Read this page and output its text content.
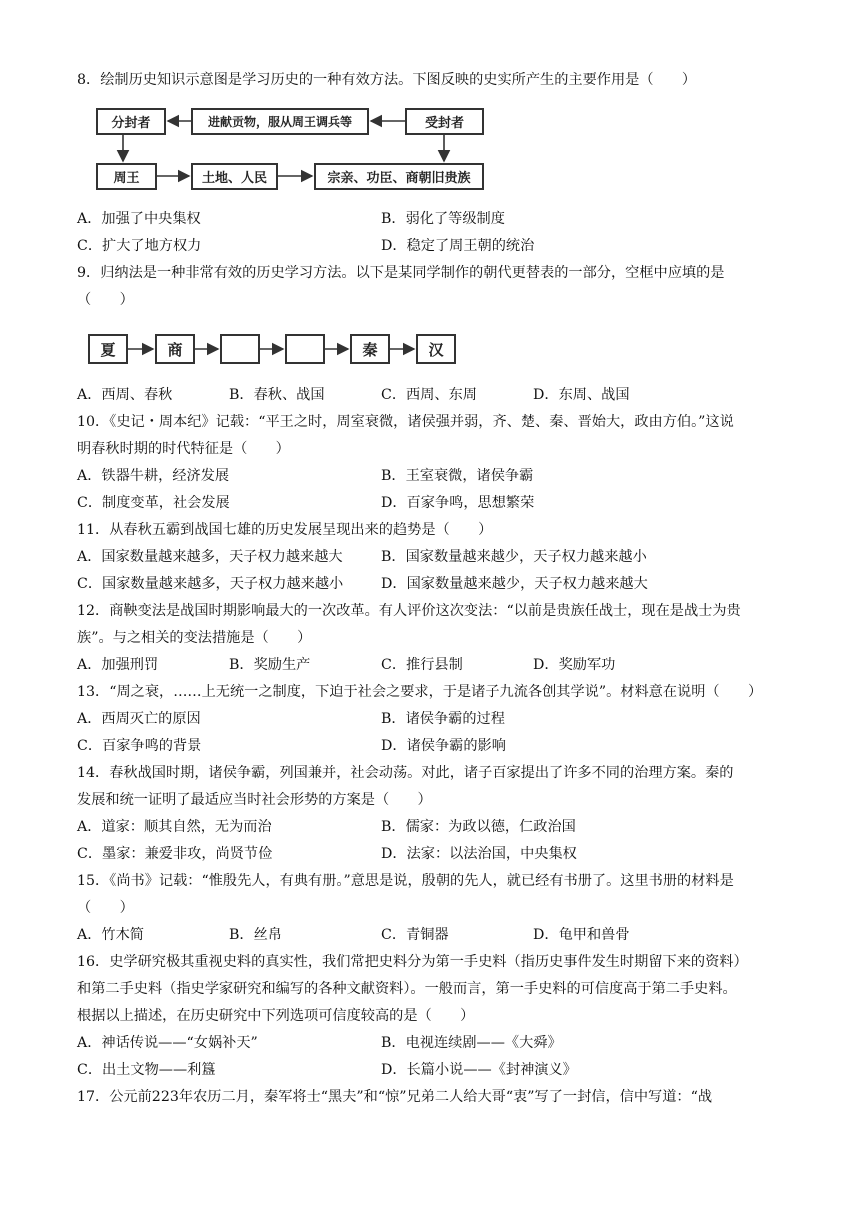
8．绘制历史知识示意图是学习历史的一种有效方法。下图反映的史实所产生的主要作用是（　　）
分封者	进献贡物，服从周王调兵等	受封者
周王	土地、人民	宗亲、功臣、商朝旧贵族
A．加强了中央集权	B．弱化了等级制度
C．扩大了地方权力	D．稳定了周王朝的统治
9．归纳法是一种非常有效的历史学习方法。以下是某同学制作的朝代更替表的一部分，空框中应填的是
（　　）
夏	商	秦	汉
A．西周、春秋	B．春秋、战国	C．西周、东周	D．东周、战国
10．《史记・周本纪》记载：“平王之时，周室衰微，诸侯强并弱，齐、楚、秦、晋始大，政由方伯。”这说
明春秋时期的时代特征是（　　）
A．铁器牛耕，经济发展	B．王室衰微，诸侯争霸
C．制度变革，社会发展	D．百家争鸣，思想繁荣
11．从春秋五霸到战国七雄的历史发展呈现出来的趋势是（　　）
A．国家数量越来越多，天子权力越来越大	B．国家数量越来越少，天子权力越来越小
C．国家数量越来越多，天子权力越来越小	D．国家数量越来越少，天子权力越来越大
12．商鞅变法是战国时期影响最大的一次改革。有人评价这次变法：“以前是贵族任战士，现在是战士为贵
族”。与之相关的变法措施是（　　）
A．加强刑罚	B．奖励生产	C．推行县制	D．奖励军功
13．“周之衰，……上无统一之制度，下迫于社会之要求，于是诸子九流各创其学说”。材料意在说明（　　）
A．西周灭亡的原因	B．诸侯争霸的过程
C．百家争鸣的背景	D．诸侯争霸的影响
14．春秋战国时期，诸侯争霸，列国兼并，社会动荡。对此，诸子百家提出了许多不同的治理方案。秦的
发展和统一证明了最适应当时社会形势的方案是（　　）
A．道家：顺其自然，无为而治	B．儒家：为政以德，仁政治国
C．墨家：兼爱非攻，尚贤节俭	D．法家：以法治国，中央集权
15．《尚书》记载：“惟殷先人，有典有册。”意思是说，殷朝的先人，就已经有书册了。这里书册的材料是
（　　）
A．竹木简	B．丝帛	C．青铜器	D．龟甲和兽骨
16．史学研究极其重视史料的真实性，我们常把史料分为第一手史料（指历史事件发生时期留下来的资料）
和第二手史料（指史学家研究和编写的各种文献资料）。一般而言，第一手史料的可信度高于第二手史料。
根据以上描述，在历史研究中下列选项可信度较高的是（　　）
A．神话传说——“女娲补天”	B．电视连续剧——《大舜》
C．出土文物——利簋	D．长篇小说——《封神演义》
17．公元前223年农历二月，秦军将士“黑夫”和“惊”兄弟二人给大哥“衷”写了一封信，信中写道：“战
